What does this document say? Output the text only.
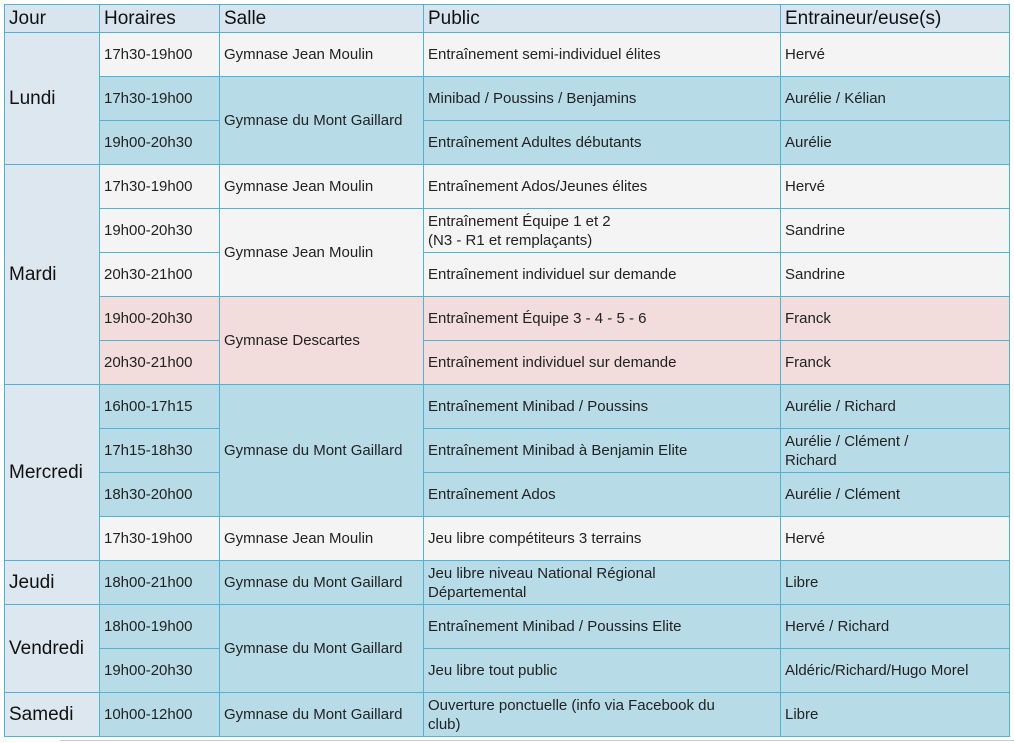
Jour	Horaires	Salle	Public	Entraineur/euse(s)
Lundi	17h30-19h00	Gymnase Jean Moulin	Entraînement semi-individuel élites	Hervé
	17h30-19h00	Gymnase du Mont Gaillard	Minibad / Poussins / Benjamins	Aurélie / Kélian
	19h00-20h30		Entraînement Adultes débutants	Aurélie
Mardi	17h30-19h00	Gymnase Jean Moulin	Entraînement Ados/Jeunes élites	Hervé
	19h00-20h30	Gymnase Jean Moulin	Entraînement Équipe 1 et 2
(N3 - R1 et remplaçants)	Sandrine
	20h30-21h00		Entraînement individuel sur demande	Sandrine
	19h00-20h30	Gymnase Descartes	Entraînement Équipe 3 - 4 - 5 - 6	Franck
	20h30-21h00		Entraînement individuel sur demande	Franck
Mercredi	16h00-17h15	Gymnase du Mont Gaillard	Entraînement Minibad / Poussins	Aurélie / Richard
	17h15-18h30		Entraînement Minibad à Benjamin Elite	Aurélie / Clément /
Richard
	18h30-20h00		Entraînement Ados	Aurélie / Clément
	17h30-19h00	Gymnase Jean Moulin	Jeu libre compétiteurs 3 terrains	Hervé
Jeudi	18h00-21h00	Gymnase du Mont Gaillard	Jeu libre niveau National Régional
Départemental	Libre
Vendredi	18h00-19h00	Gymnase du Mont Gaillard	Entraînement Minibad / Poussins Elite	Hervé / Richard
	19h00-20h30		Jeu libre tout public	Aldéric/Richard/Hugo Morel
Samedi	10h00-12h00	Gymnase du Mont Gaillard	Ouverture ponctuelle (info via Facebook du
club)	Libre
